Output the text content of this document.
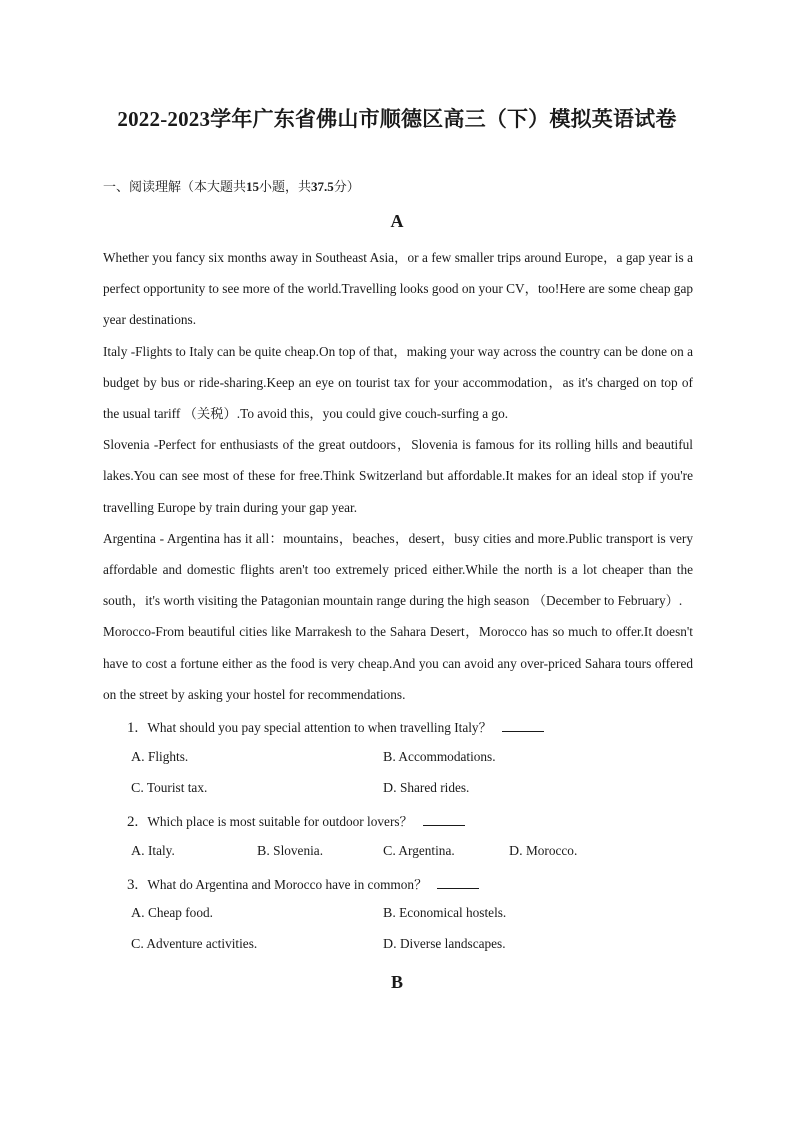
2022-2023学年广东省佛山市顺德区高三（下）模拟英语试卷
一、阅读理解（本大题共15小题，共37.5分）
A

Whether you fancy six months away in Southeast Asia，or a few smaller trips around Europe，a gap year is a perfect opportunity to see more of the world.Travelling looks good on your CV，too!Here are some cheap gap year destinations.

Italy -Flights to Italy can be quite cheap.On top of that，making your way across the country can be done on a budget by bus or ride-sharing.Keep an eye on tourist tax for your accommodation，as it's charged on top of the usual tariff （关税）.To avoid this，you could give couch-surfing a go.

Slovenia -Perfect for enthusiasts of the great outdoors，Slovenia is famous for its rolling hills and beautiful lakes.You can see most of these for free.Think Switzerland but affordable.It makes for an ideal stop if you're travelling Europe by train during your gap year.

Argentina - Argentina has it all：mountains，beaches，desert，busy cities and more.Public transport is very affordable and domestic flights aren't too extremely priced either.While the north is a lot cheaper than the south，it's worth visiting the Patagonian mountain range during the high season （December to February）.

Morocco-From beautiful cities like Marrakesh to the Sahara Desert，Morocco has so much to offer.It doesn't have to cost a fortune either as the food is very cheap.And you can avoid any over-priced Sahara tours offered on the street by asking your hostel for recommendations.

1. What should you pay special attention to when travelling Italy？
A. Flights.	B. Accommodations.
C. Tourist tax.	D. Shared rides.
2. Which place is most suitable for outdoor lovers？
A. Italy.	B. Slovenia.	C. Argentina.	D. Morocco.
3. What do Argentina and Morocco have in common？
A. Cheap food.	B. Economical hostels.
C. Adventure activities.	D. Diverse landscapes.
B
